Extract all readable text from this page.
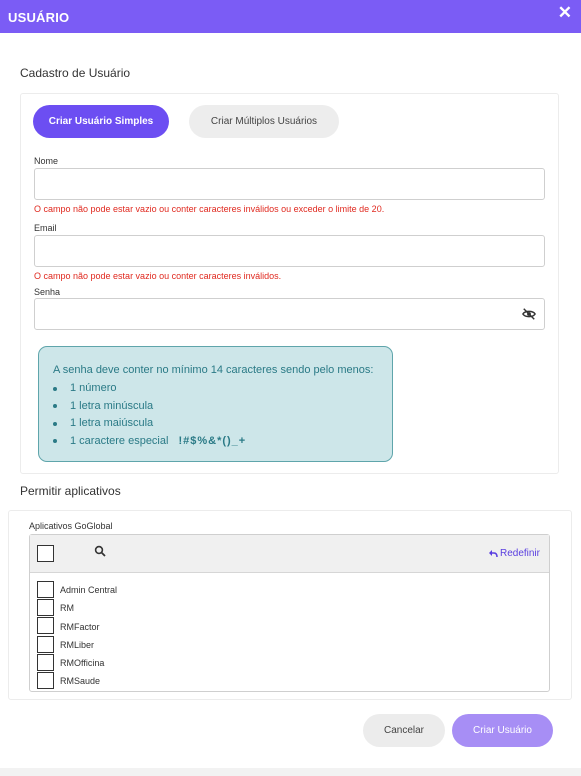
USUÁRIO	✕
Cadastro de Usuário
Criar Usuário Simples	Criar Múltiplos Usuários
Nome
O campo não pode estar vazio ou conter caracteres inválidos ou exceder o limite de 20.
Email
O campo não pode estar vazio ou conter caracteres inválidos.
Senha
A senha deve conter no mínimo 14 caracteres sendo pelo menos:
1 número
1 letra minúscula
1 letra maiúscula
1 caractere especial !#$%&*()_+
Permitir aplicativos
Aplicativos GoGlobal
Redefinir
Admin Central
RM
RMFactor
RMLiber
RMOfficina
RMSaude
Cancelar	Criar Usuário
